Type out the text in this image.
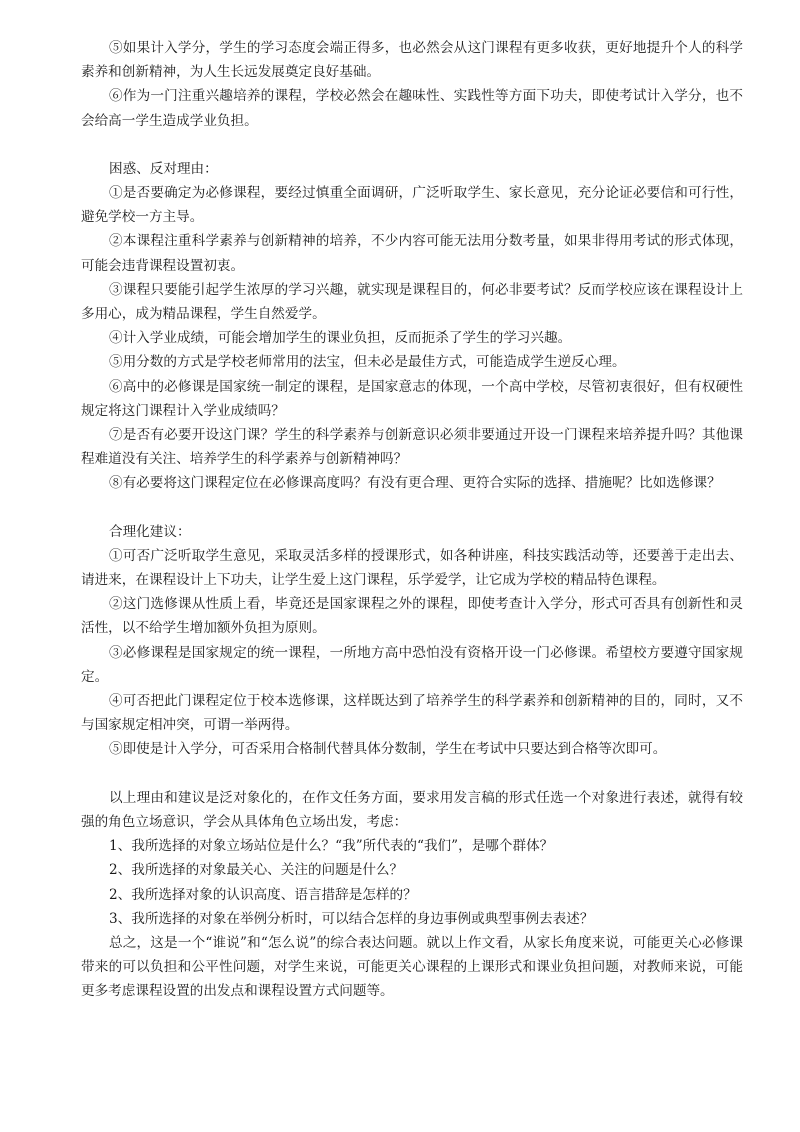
⑤如果计入学分，学生的学习态度会端正得多，也必然会从这门课程有更多收获，更好地提升个人的科学素养和创新精神，为人生长远发展奠定良好基础。

⑥作为一门注重兴趣培养的课程，学校必然会在趣味性、实践性等方面下功夫，即使考试计入学分，也不会给高一学生造成学业负担。

困惑、反对理由：

①是否要确定为必修课程，要经过慎重全面调研，广泛听取学生、家长意见，充分论证必要信和可行性，避免学校一方主导。

②本课程注重科学素养与创新精神的培养，不少内容可能无法用分数考量，如果非得用考试的形式体现，可能会违背课程设置初衷。

③课程只要能引起学生浓厚的学习兴趣，就实现是课程目的，何必非要考试？反而学校应该在课程设计上多用心，成为精品课程，学生自然爱学。

④计入学业成绩，可能会增加学生的课业负担，反而扼杀了学生的学习兴趣。

⑤用分数的方式是学校老师常用的法宝，但未必是最佳方式，可能造成学生逆反心理。

⑥高中的必修课是国家统一制定的课程，是国家意志的体现，一个高中学校，尽管初衷很好，但有权硬性规定将这门课程计入学业成绩吗？

⑦是否有必要开设这门课？学生的科学素养与创新意识必须非要通过开设一门课程来培养提升吗？其他课程难道没有关注、培养学生的科学素养与创新精神吗？

⑧有必要将这门课程定位在必修课高度吗？有没有更合理、更符合实际的选择、措施呢？比如选修课？

合理化建议：

①可否广泛听取学生意见，采取灵活多样的授课形式，如各种讲座，科技实践活动等，还要善于走出去、请进来，在课程设计上下功夫，让学生爱上这门课程，乐学爱学，让它成为学校的精品特色课程。

②这门选修课从性质上看，毕竟还是国家课程之外的课程，即使考查计入学分，形式可否具有创新性和灵活性，以不给学生增加额外负担为原则。

③必修课程是国家规定的统一课程，一所地方高中恐怕没有资格开设一门必修课。希望校方要遵守国家规定。

④可否把此门课程定位于校本选修课，这样既达到了培养学生的科学素养和创新精神的目的，同时，又不与国家规定相冲突，可谓一举两得。

⑤即使是计入学分，可否采用合格制代替具体分数制，学生在考试中只要达到合格等次即可。

以上理由和建议是泛对象化的，在作文任务方面，要求用发言稿的形式任选一个对象进行表述，就得有较强的角色立场意识，学会从具体角色立场出发，考虑：

1、我所选择的对象立场站位是什么？“我”所代表的“我们”，是哪个群体？

2、我所选择的对象最关心、关注的问题是什么？

2、我所选择对象的认识高度、语言措辞是怎样的？

3、我所选择的对象在举例分析时，可以结合怎样的身边事例或典型事例去表述？

总之，这是一个“谁说”和“怎么说”的综合表达问题。就以上作文看，从家长角度来说，可能更关心必修课带来的可以负担和公平性问题，对学生来说，可能更关心课程的上课形式和课业负担问题，对教师来说，可能更多考虑课程设置的出发点和课程设置方式问题等。
